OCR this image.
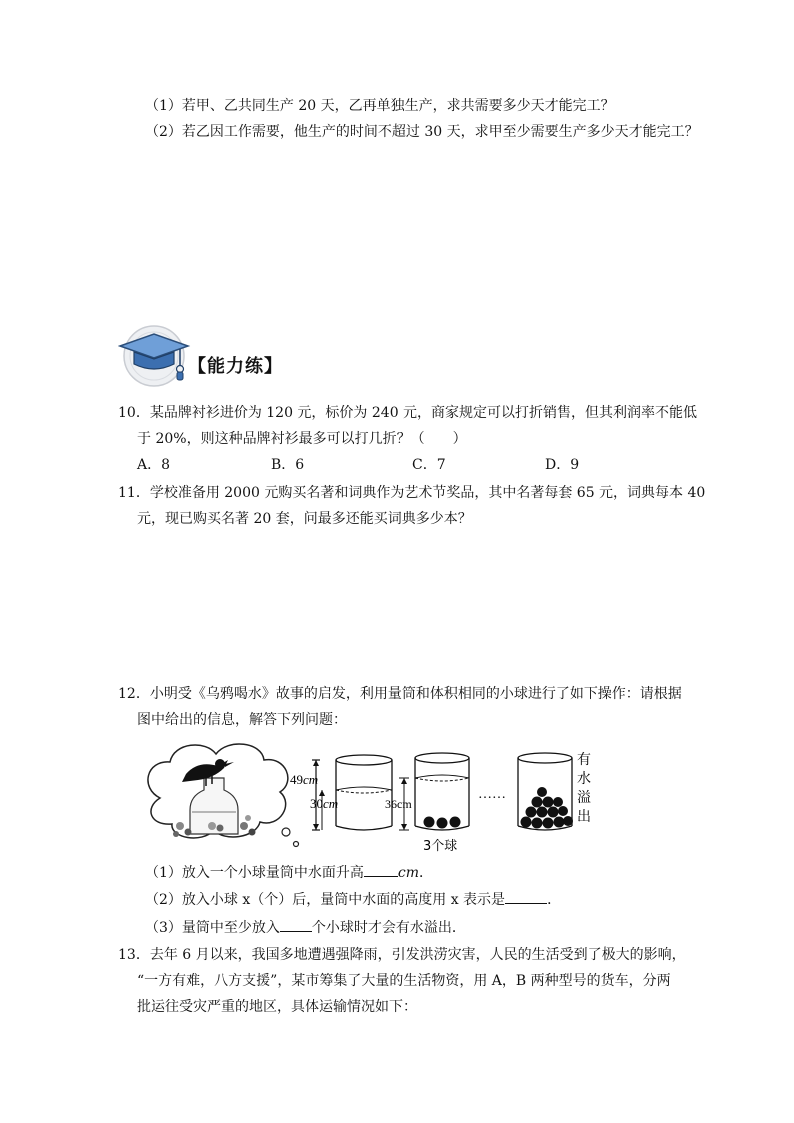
（1）若甲、乙共同生产 20 天，乙再单独生产，求共需要多少天才能完工？
（2）若乙因工作需要，他生产的时间不超过 30 天，求甲至少需要生产多少天才能完工？
【能力练】
10．某品牌衬衫进价为 120 元，标价为 240 元，商家规定可以打折销售，但其利润率不能低
于 20%，则这种品牌衬衫最多可以打几折？（　　）
A．8	B．6	C．7	D．9
11．学校准备用 2000 元购买名著和词典作为艺术节奖品，其中名著每套 65 元，词典每本 40
元，现已购买名著 20 套，问最多还能买词典多少本？
12．小明受《乌鸦喝水》故事的启发，利用量筒和体积相同的小球进行了如下操作：请根据
图中给出的信息，解答下列问题：
49cm
30cm	36cm
3个球
……
有
水
溢
出
（1）放入一个小球量筒中水面升高 cm．
（2）放入小球 x（个）后，量筒中水面的高度用 x 表示是	．
（3）量筒中至少放入 个小球时才会有水溢出．
13．去年 6 月以来，我国多地遭遇强降雨，引发洪涝灾害，人民的生活受到了极大的影响，
“一方有难，八方支援”，某市筹集了大量的生活物资，用 A，B 两种型号的货车，分两
批运往受灾严重的地区，具体运输情况如下：
